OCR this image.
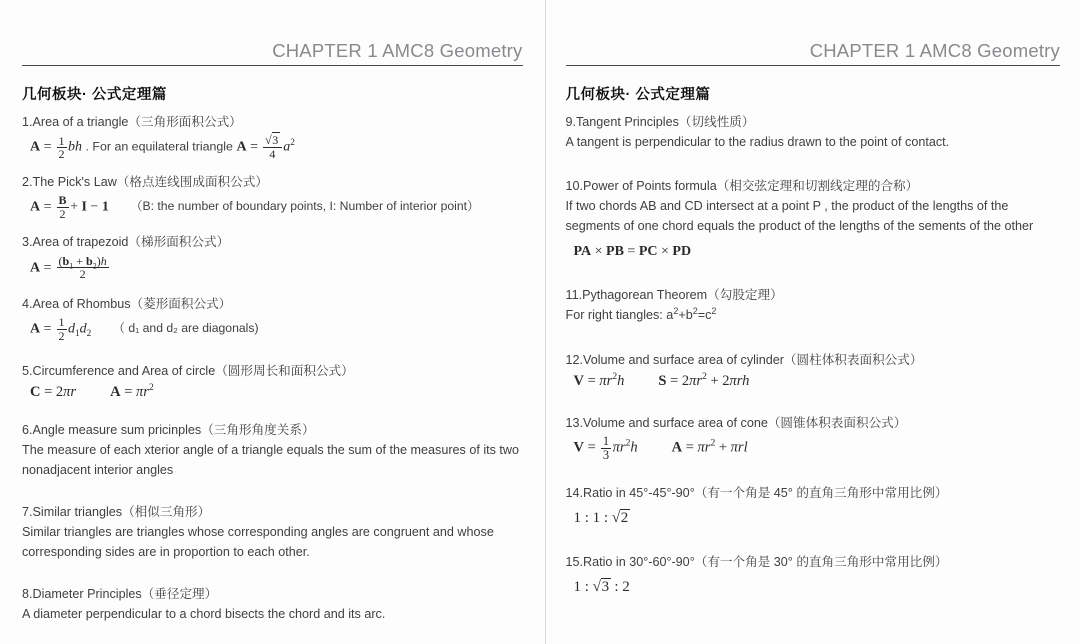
CHAPTER 1 AMC8 Geometry
几何板块· 公式定理篇
1.Area of a triangle（三角形面积公式）
$A = \frac{1}{2}$ bh . For an equilateral triangle $A = \frac{√3}{4} a^2$
2.The Pick's Law（格点连线围成面积公式）
$A = \frac{B}{2} + I - 1$ （B: the number of boundary points, I: Number of interior point）
3.Area of trapezoid（梯形面积公式）
$A = \frac{(b_1 + b_2)h}{2}$
4.Area of Rhombus（菱形面积公式）
$A = \frac{1}{2} d_1d_2$ （ d₁ and d₂ are diagonals)
5.Circumference and Area of circle（圆形周长和面积公式）
C = 2πr $A = \pi r^2$
6.Angle measure sum pricinples（三角形角度关系）
The measure of each xterior angle of a triangle equals the sum of the measures of its two nonadjacent interior angles
7.Similar triangles（相似三角形）
Similar triangles are triangles whose corresponding angles are congruent and whose corresponding sides are in proportion to each other.
8.Diameter Principles（垂径定理）
A diameter perpendicular to a chord bisects the chord and its arc.
CHAPTER 1 AMC8 Geometry
几何板块· 公式定理篇
9.Tangent Principles（切线性质）
A tangent is perpendicular to the radius drawn to the point of contact.
10.Power of Points formula（相交弦定理和切割线定理的合称）
If two chords AB and CD intersect at a point P , the product of the lengths of the
segments of one chord equals the product of the lengths of the sements of the other
PA × PB = PC × PD
11.Pythagorean Theorem（勾股定理）
For right tiangles: $a^2+b^2=c^2$
12.Volume and surface area of cylinder（圆柱体积表面积公式）
$V = \pi r^2h$ $S = 2\pi r^2 + 2\pi rh$
13.Volume and surface area of cone（圆锥体积表面积公式）
$V = \frac{1}{3} \pi r^2h$ $A = \pi r^2 + \pi rl$
14.Ratio in 45°-45°-90°（有一个角是 45° 的直角三角形中常用比例）
1 : 1 : √2
15.Ratio in 30°-60°-90°（有一个角是 30° 的直角三角形中常用比例）
1 : √3 : 2
